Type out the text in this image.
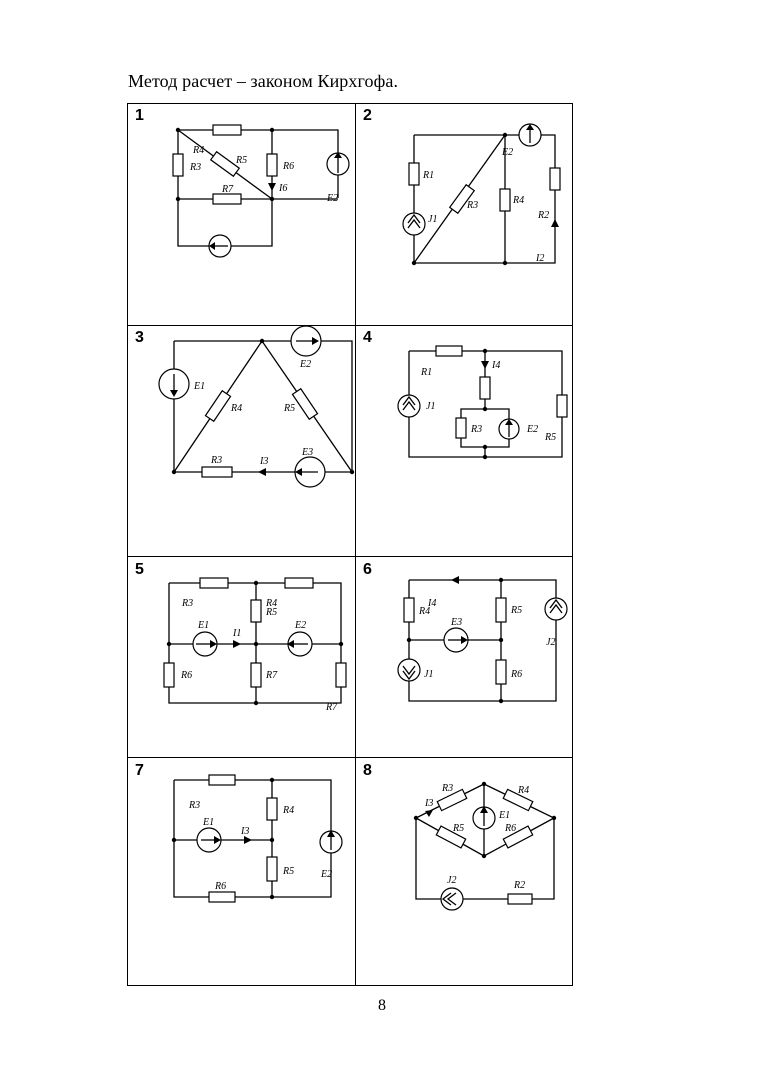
Метод расчет – законом Кирхгофа.
1	2
3	4
5	6
7	8
R4
R3
R5
R6
R7	I6
E2
R1
J1
R3
E2
R4
R2
I2
E1
R4
E2
R5
R3	I3
E3
R1
J1
I4
R3	E2
R5
R3	R4
R5
E1
I1
E2
R6	R7
R7
R4
I4
R5
E3
J2
J1	R6
R3	R4
E1
I3
R5	E2
R6
R3	R4
I3
E1
R5	R6
J2	R2
8
